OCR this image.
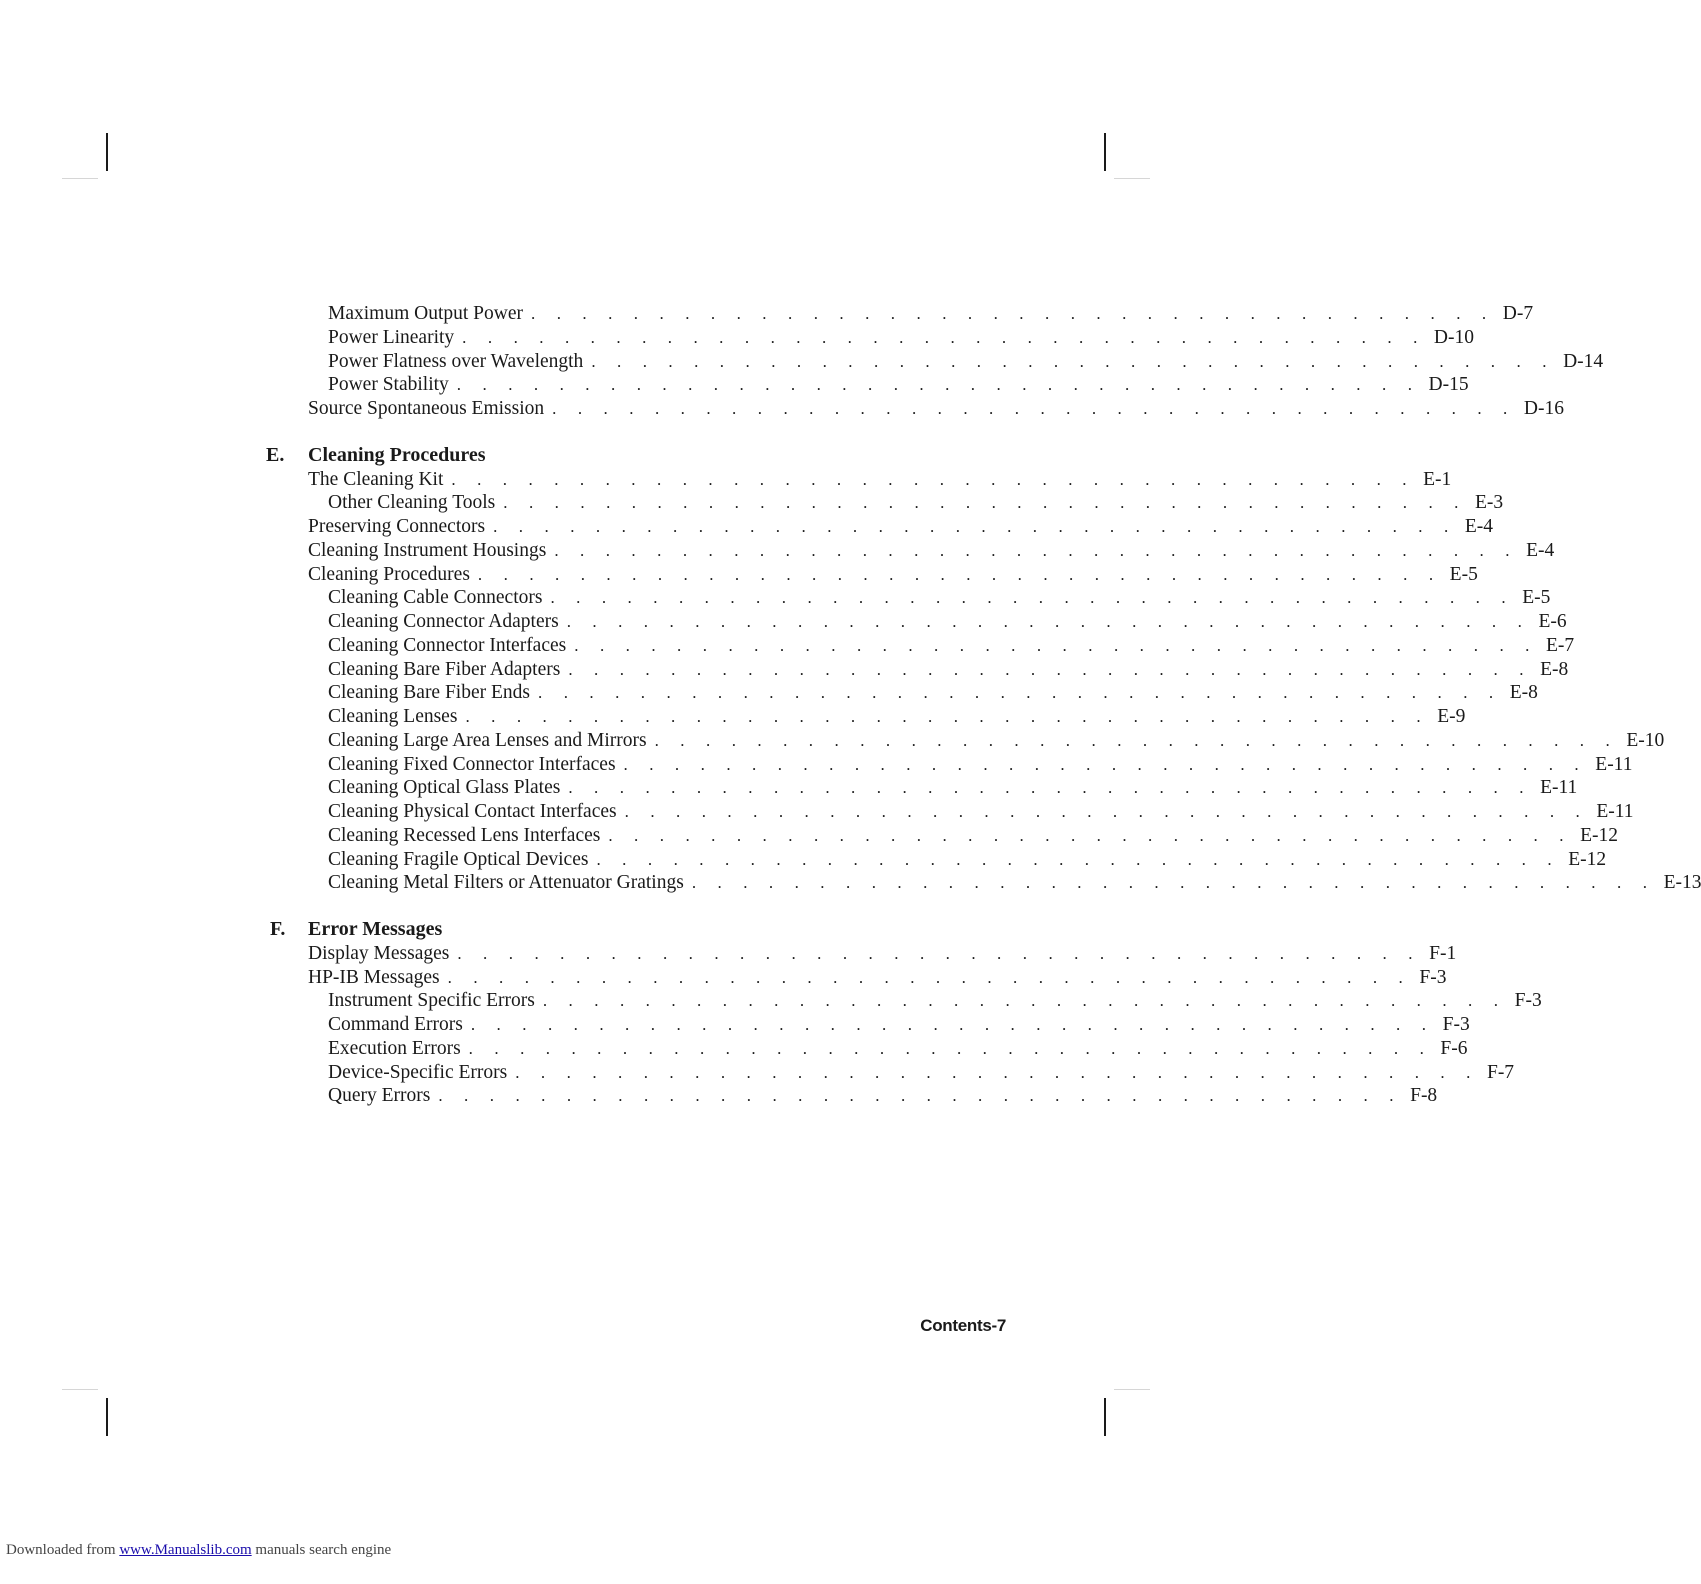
Maximum Output Power . . . . . . . . . . . . . . . . . . . . . . . . . . . . . . . . . . . . . . D-7
Power Linearity . . . . . . . . . . . . . . . . . . . . . . . . . . . . . . . . . . . . . . D-10
Power Flatness over Wavelength . . . . . . . . . . . . . . . . . . . . . . . . . . . . . . . . . . . . . . D-14
Power Stability . . . . . . . . . . . . . . . . . . . . . . . . . . . . . . . . . . . . . . D-15
Source Spontaneous Emission . . . . . . . . . . . . . . . . . . . . . . . . . . . . . . . . . . . . . . D-16
E. Cleaning Procedures
The Cleaning Kit . . . . . . . . . . . . . . . . . . . . . . . . . . . . . . . . . . . . . . E-1
Other Cleaning Tools . . . . . . . . . . . . . . . . . . . . . . . . . . . . . . . . . . . . . . E-3
Preserving Connectors . . . . . . . . . . . . . . . . . . . . . . . . . . . . . . . . . . . . . . E-4
Cleaning Instrument Housings . . . . . . . . . . . . . . . . . . . . . . . . . . . . . . . . . . . . . . E-4
Cleaning Procedures . . . . . . . . . . . . . . . . . . . . . . . . . . . . . . . . . . . . . . E-5
Cleaning Cable Connectors . . . . . . . . . . . . . . . . . . . . . . . . . . . . . . . . . . . . . . E-5
Cleaning Connector Adapters . . . . . . . . . . . . . . . . . . . . . . . . . . . . . . . . . . . . . . E-6
Cleaning Connector Interfaces . . . . . . . . . . . . . . . . . . . . . . . . . . . . . . . . . . . . . . E-7
Cleaning Bare Fiber Adapters . . . . . . . . . . . . . . . . . . . . . . . . . . . . . . . . . . . . . . E-8
Cleaning Bare Fiber Ends . . . . . . . . . . . . . . . . . . . . . . . . . . . . . . . . . . . . . . E-8
Cleaning Lenses . . . . . . . . . . . . . . . . . . . . . . . . . . . . . . . . . . . . . . E-9
Cleaning Large Area Lenses and Mirrors . . . . . . . . . . . . . . . . . . . . . . . . . . . . . . . . . . . . . . E-10
Cleaning Fixed Connector Interfaces . . . . . . . . . . . . . . . . . . . . . . . . . . . . . . . . . . . . . . E-11
Cleaning Optical Glass Plates . . . . . . . . . . . . . . . . . . . . . . . . . . . . . . . . . . . . . . E-11
Cleaning Physical Contact Interfaces . . . . . . . . . . . . . . . . . . . . . . . . . . . . . . . . . . . . . . E-11
Cleaning Recessed Lens Interfaces . . . . . . . . . . . . . . . . . . . . . . . . . . . . . . . . . . . . . . E-12
Cleaning Fragile Optical Devices . . . . . . . . . . . . . . . . . . . . . . . . . . . . . . . . . . . . . . E-12
Cleaning Metal Filters or Attenuator Gratings . . . . . . . . . . . . . . . . . . . . . . . . . . . . . . . . . . . . . . E-13
F. Error Messages
Display Messages . . . . . . . . . . . . . . . . . . . . . . . . . . . . . . . . . . . . . . F-1
HP-IB Messages . . . . . . . . . . . . . . . . . . . . . . . . . . . . . . . . . . . . . . F-3
Instrument Specific Errors . . . . . . . . . . . . . . . . . . . . . . . . . . . . . . . . . . . . . . F-3
Command Errors . . . . . . . . . . . . . . . . . . . . . . . . . . . . . . . . . . . . . . F-3
Execution Errors . . . . . . . . . . . . . . . . . . . . . . . . . . . . . . . . . . . . . . F-6
Device-Specific Errors . . . . . . . . . . . . . . . . . . . . . . . . . . . . . . . . . . . . . . F-7
Query Errors . . . . . . . . . . . . . . . . . . . . . . . . . . . . . . . . . . . . . . F-8
Contents-7
Downloaded from www.Manualslib.com manuals search engine
